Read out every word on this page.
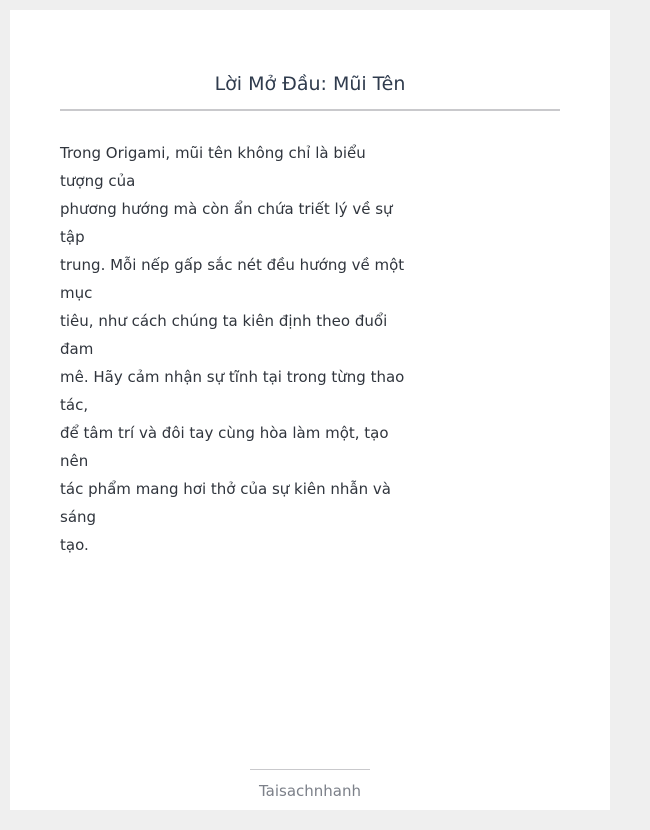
Lời Mở Đầu: Mũi Tên
Trong Origami, mũi tên không chỉ là biểu
tượng của
phương hướng mà còn ẩn chứa triết lý về sự
tập
trung. Mỗi nếp gấp sắc nét đều hướng về một
mục
tiêu, như cách chúng ta kiên định theo đuổi
đam
mê. Hãy cảm nhận sự tĩnh tại trong từng thao
tác,
để tâm trí và đôi tay cùng hòa làm một, tạo
nên
tác phẩm mang hơi thở của sự kiên nhẫn và
sáng
tạo.
Taisachnhanh
